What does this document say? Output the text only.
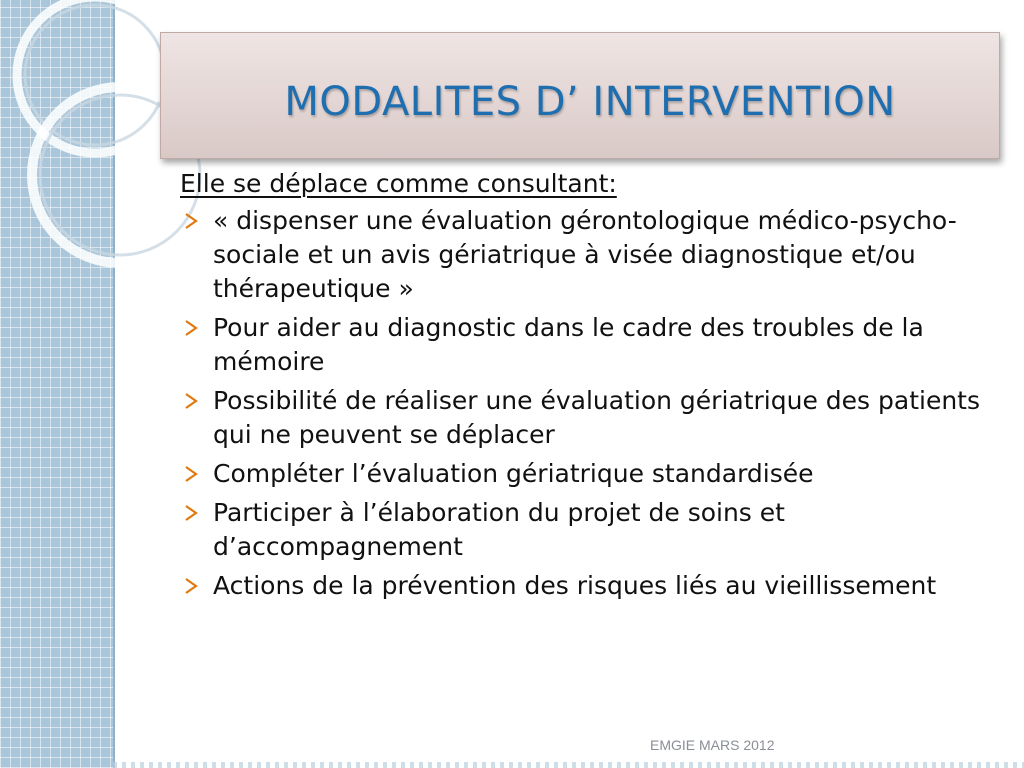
MODALITES D’ INTERVENTION
Elle se déplace comme consultant:
« dispenser une évaluation gérontologique médico-psycho-sociale et un avis gériatrique à visée diagnostique et/ou thérapeutique »
Pour aider au diagnostic dans le cadre des troubles de la mémoire
Possibilité de réaliser une évaluation gériatrique des patients qui ne peuvent se déplacer
Compléter l’évaluation gériatrique standardisée
Participer à l’élaboration du projet de soins et d’accompagnement
Actions de la prévention des risques liés au vieillissement
EMGIE MARS 2012
